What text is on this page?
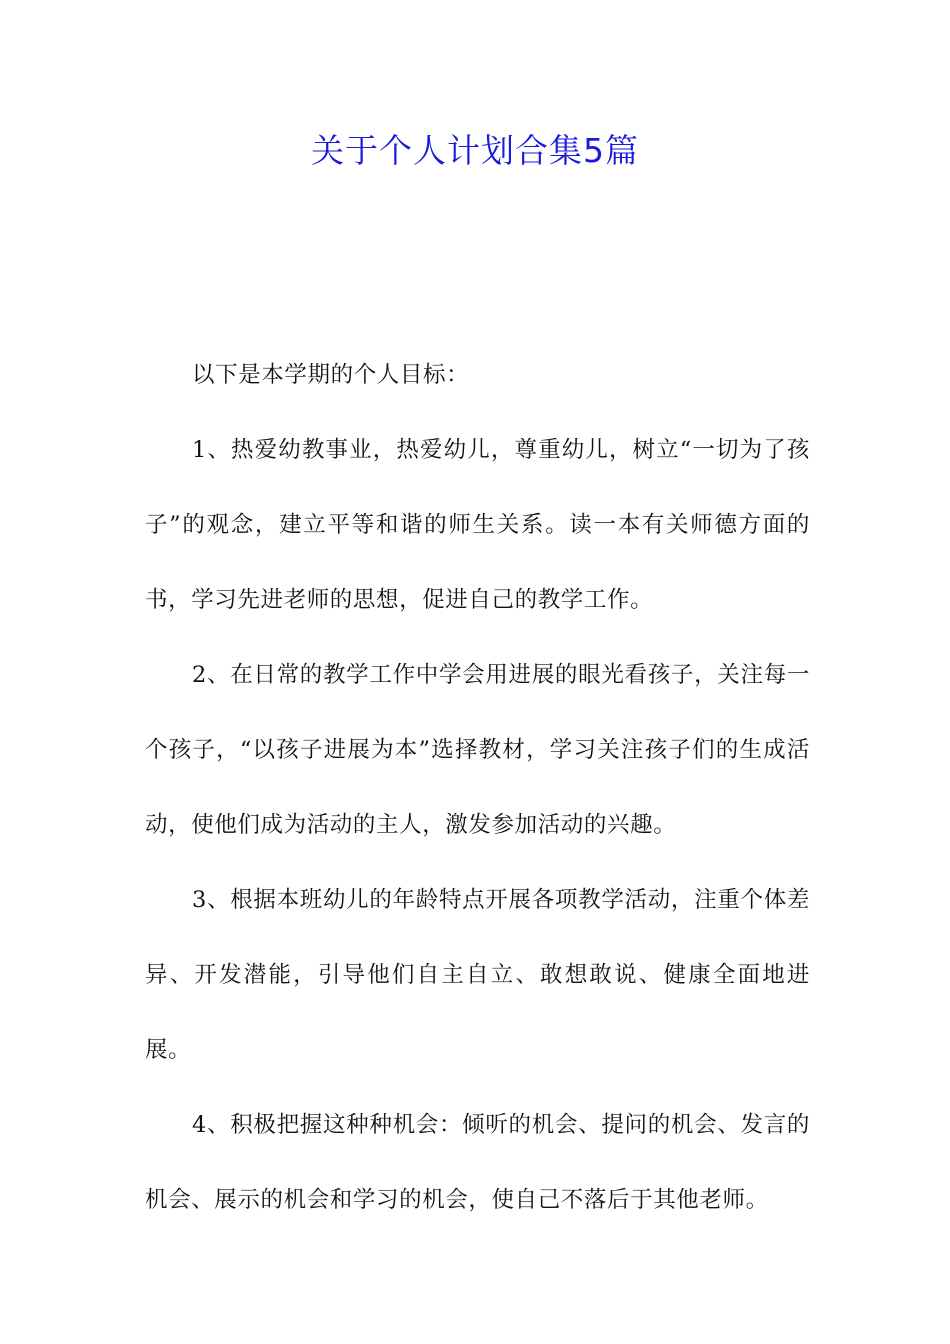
关于个人计划合集5篇

以下是本学期的个人目标：

1、热爱幼教事业，热爱幼儿，尊重幼儿，树立“一切为了孩子”的观念，建立平等和谐的师生关系。读一本有关师德方面的书，学习先进老师的思想，促进自己的教学工作。

2、在日常的教学工作中学会用进展的眼光看孩子，关注每一个孩子，“以孩子进展为本”选择教材，学习关注孩子们的生成活动，使他们成为活动的主人，激发参加活动的兴趣。

3、根据本班幼儿的年龄特点开展各项教学活动，注重个体差异、开发潜能，引导他们自主自立、敢想敢说、健康全面地进展。

4、积极把握这种种机会：倾听的机会、提问的机会、发言的机会、展示的机会和学习的机会，使自己不落后于其他老师。
